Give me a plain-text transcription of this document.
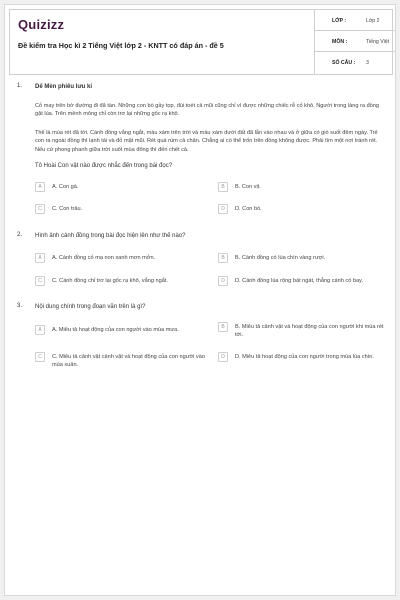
Quizizz
Đề kiểm tra Học kì 2 Tiếng Việt lớp 2 - KNTT có đáp án - đề 5
LỚP :	Lớp 2
MÔN :	Tiếng Việt
SỐ CÂU : 3
1. Dế Mèn phiêu lưu kí
Cỏ may trên bờ đường đi đã tàn. Những con bò gầy tọp, đùi toét cả mũi cũng chỉ vì được những chiếc rễ cỏ khô. Người trong làng ra đồng gặt lúa. Trên mênh mông chỉ còn trơ lại những gốc rạ khô.
Thế là mùa rét đã tới. Cánh đồng vắng ngắt, màu xám trên trời và màu xám dưới đất đã lẫn vào nhau và ở giữa có gió suốt đêm ngày. Trẻ con ra ngoài đồng thì lạnh tái và đỏ mặt mũi. Rét quá rúm cả chân. Chẳng ai có thể trốn trên đồng không được. Phải tìm một nơi tránh rét. Nếu cứ phong phanh giữa trời suốt mùa đông thì đến chết cả.
Tô Hoài Con vật nào được nhắc đến trong bài đọc?
A	A. Con gà.	B	B. Con vịt.
C	C. Con trâu.	D	D. Con bò.
2. Hình ảnh cánh đồng trong bài đọc hiện lên như thế nào?
A	A. Cánh đồng cỏ mạ non xanh mơn mởn.	B	B. Cánh đồng có lúa chín vàng rượi.
C	C. Cánh đồng chỉ trơ lại gốc rạ khô, vắng ngắt.	D	D. Cánh đồng lúa rộng bát ngát, thẳng cánh cò bay.
3. Nội dung chính trong đoạn văn trên là gì?
A	A. Miêu tả hoạt động của con người vào mùa mưa.	B	B. Miêu tả cảnh vật và hoạt động của con người khi mùa rét tới.
C	C. Miêu tả cảnh vật cảnh vật và hoạt động của con người vào mùa xuân.
D	D. Miêu tả hoạt động của con người trong mùa lúa chín.
